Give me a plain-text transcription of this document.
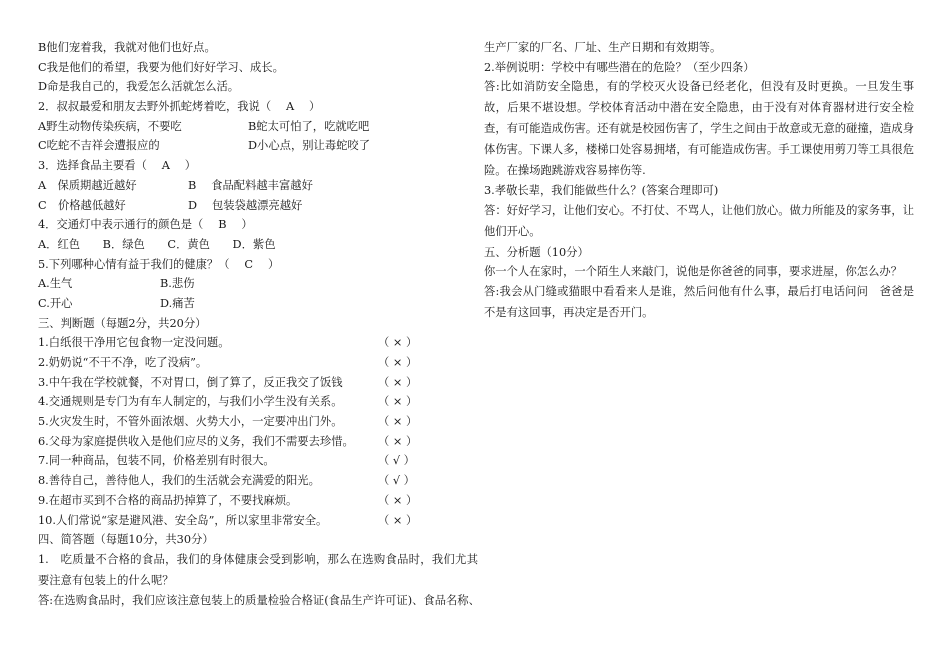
B他们宠着我，我就对他们也好点。
C我是他们的希望，我要为他们好好学习、成长。
D命是我自己的，我爱怎么活就怎么活。
2．叔叔最爱和朋友去野外抓蛇烤着吃，我说（　 A　 ）
A野生动物传染疾病，不要吃	B蛇太可怕了，吃就吃吧
C吃蛇不吉祥会遭报应的	D小心点，别让毒蛇咬了
3．选择食品主要看（　 A　 ）
A　保质期越近越好	B　 食品配料越丰富越好
C　价格越低越好	D　 包装袋越漂亮越好
4．交通灯中表示通行的颜色是（　 B　 ）
A．红色　　B．绿色　　C．黄色　　D．紫色
5.下列哪种心情有益于我们的健康？（　 C　 ）
A.生气	B.悲伤
C.开心	D.痛苦
三、判断题（每题2分，共20分）
1.白纸很干净用它包食物一定没问题。	（ × ）
2.奶奶说“不干不净，吃了没病”。	（ × ）
3.中午我在学校就餐，不对胃口，倒了算了，反正我交了饭钱	（ × ）
4.交通规则是专门为有车人制定的，与我们小学生没有关系。	（ × ）
5.火灾发生时，不管外面浓烟、火势大小，一定要冲出门外。	（ × ）
6.父母为家庭提供收入是他们应尽的义务，我们不需要去珍惜。 （ × ）
7.同一种商品，包装不同，价格差别有时很大。	（ √ ）
8.善待自己，善待他人，我们的生活就会充满爱的阳光。	（ √ ）
9.在超市买到不合格的商品扔掉算了，不要找麻烦。	（ × ）
10.人们常说“家是避风港、安全岛”，所以家里非常安全。	（ × ）
四、简答题（每题10分，共30分）
1.　吃质量不合格的食品，我们的身体健康会受到影响，那么在选购食品时，我们尤其要注意有包装上的什么呢？
答:在选购食品时，我们应该注意包装上的质量检验合格证(食品生产许可证)、食品名称、
生产厂家的厂名、厂址、生产日期和有效期等。
2.举例说明：学校中有哪些潜在的危险？（至少四条）
答:比如消防安全隐患，有的学校灭火设备已经老化，但没有及时更换。一旦发生事故，后果不堪设想。学校体育活动中潜在安全隐患，由于没有对体育器材进行安全检查，有可能造成伤害。还有就是校园伤害了，学生之间由于故意或无意的碰撞，造成身体伤害。下课人多，楼梯口处容易拥堵，有可能造成伤害。手工课使用剪刀等工具很危险。在操场跑跳游戏容易摔伤等.
3.孝敬长辈，我们能做些什么？(答案合理即可)
答：好好学习，让他们安心。不打仗、不骂人，让他们放心。做力所能及的家务事，让他们开心。
五、分析题（10分）
你一个人在家时，一个陌生人来敲门，说他是你爸爸的同事，要求进屋，你怎么办？
答:我会从门缝或猫眼中看看来人是谁，然后问他有什么事，最后打电话问问　爸爸是不是有这回事，再决定是否开门。
